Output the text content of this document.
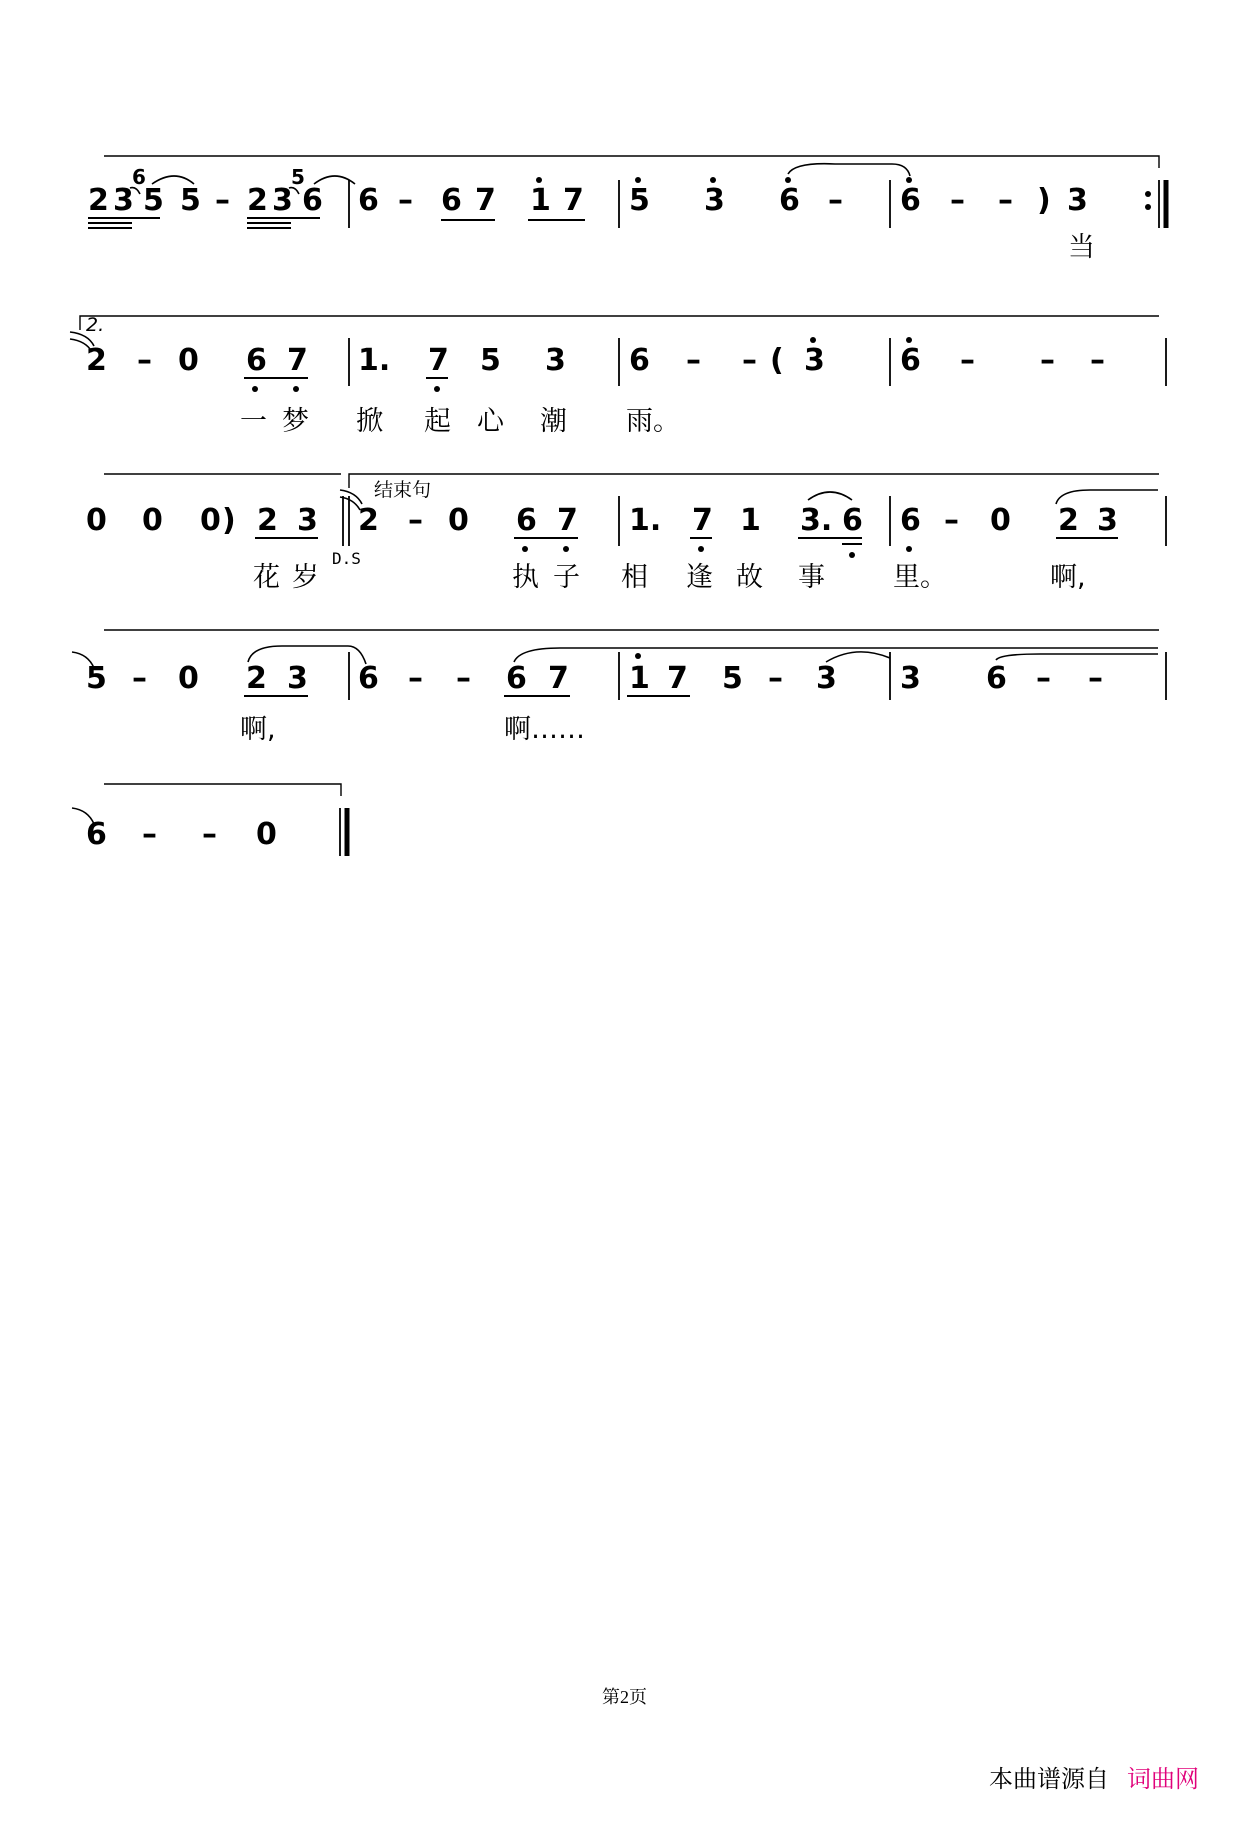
2 3
6
5 5 – 2 3
5
6 6 – 6 7 1 7 5 3 6 – 6 – – ) 3
当
2.
2 – 0 6 7 1. 7 5 3 6 – – ( 3	6 – – –
一 梦 掀 起 心 潮 雨。
结束句
0 0 0 ) 2 3
D.S
2 – 0 6 7 1. 7 1 3. 6 6 – 0 2 3
花 岁	执 子 相 逢 故 事	里。	啊,
5 – 0 2 3 6 – – 6 7 1 7 5 – 3 3 6 – –
啊,	啊……
6 – – 0
第2页
本曲谱源自 词曲网
